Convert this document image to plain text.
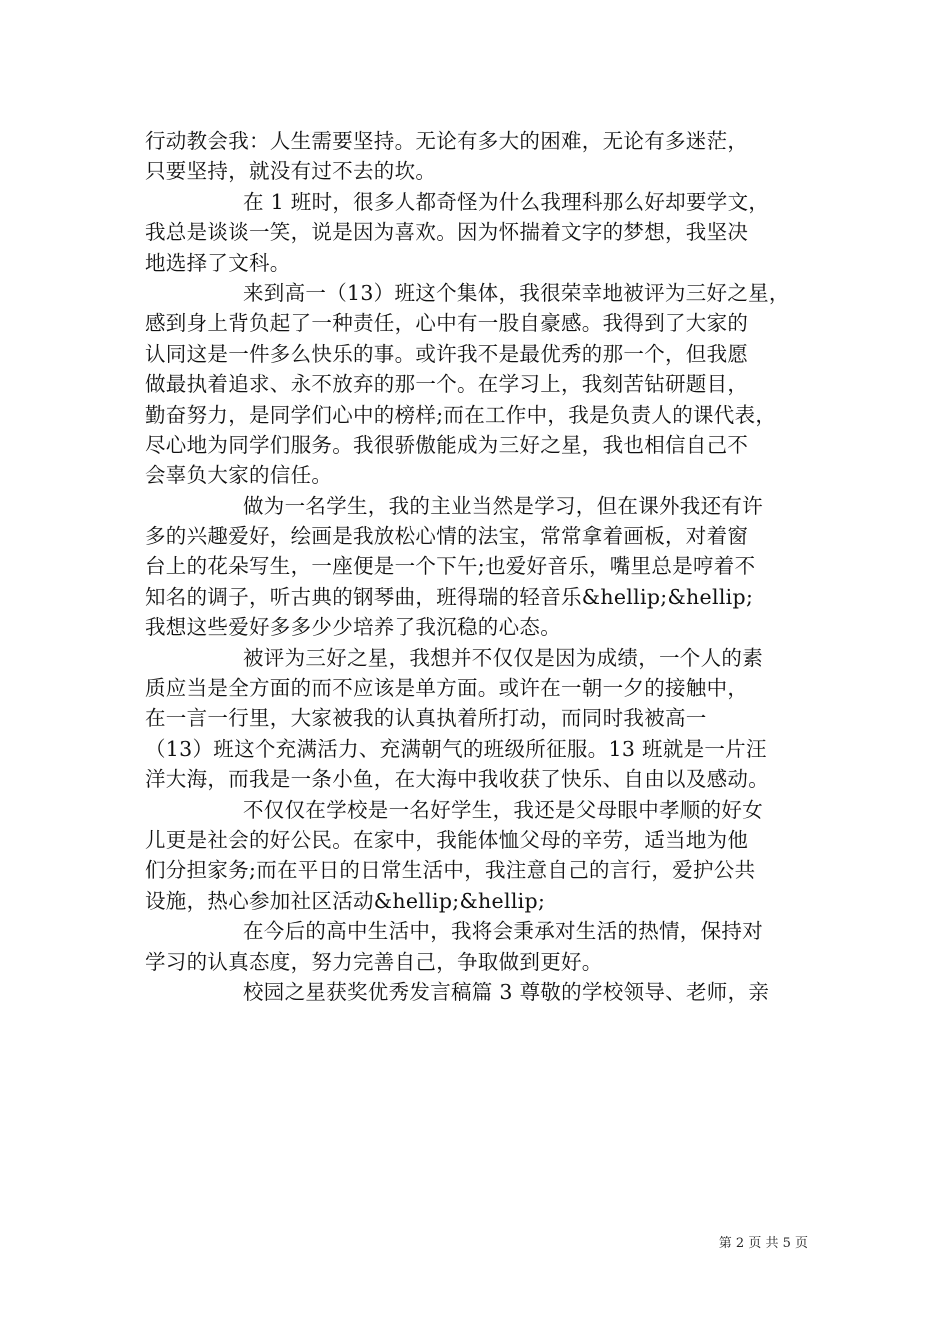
行动教会我：人生需要坚持。无论有多大的困难，无论有多迷茫，
只要坚持，就没有过不去的坎。

在 1 班时，很多人都奇怪为什么我理科那么好却要学文，
我总是谈谈一笑，说是因为喜欢。因为怀揣着文字的梦想，我坚决
地选择了文科。

来到高一（13）班这个集体，我很荣幸地被评为三好之星，
感到身上背负起了一种责任，心中有一股自豪感。我得到了大家的
认同这是一件多么快乐的事。或许我不是最优秀的那一个，但我愿
做最执着追求、永不放弃的那一个。在学习上，我刻苦钻研题目，
勤奋努力，是同学们心中的榜样;而在工作中，我是负责人的课代表，
尽心地为同学们服务。我很骄傲能成为三好之星，我也相信自己不
会辜负大家的信任。

做为一名学生，我的主业当然是学习，但在课外我还有许
多的兴趣爱好，绘画是我放松心情的法宝，常常拿着画板，对着窗
台上的花朵写生，一座便是一个下午;也爱好音乐，嘴里总是哼着不
知名的调子，听古典的钢琴曲，班得瑞的轻音乐&hellip;&hellip;
我想这些爱好多多少少培养了我沉稳的心态。

被评为三好之星，我想并不仅仅是因为成绩，一个人的素
质应当是全方面的而不应该是单方面。或许在一朝一夕的接触中，
在一言一行里，大家被我的认真执着所打动，而同时我被高一
（13）班这个充满活力、充满朝气的班级所征服。13 班就是一片汪
洋大海，而我是一条小鱼，在大海中我收获了快乐、自由以及感动。

不仅仅在学校是一名好学生，我还是父母眼中孝顺的好女
儿更是社会的好公民。在家中，我能体恤父母的辛劳，适当地为他
们分担家务;而在平日的日常生活中，我注意自己的言行，爱护公共
设施，热心参加社区活动&hellip;&hellip;

在今后的高中生活中，我将会秉承对生活的热情，保持对
学习的认真态度，努力完善自己，争取做到更好。

校园之星获奖优秀发言稿篇 3 尊敬的学校领导、老师，亲

第 2 页 共 5 页
